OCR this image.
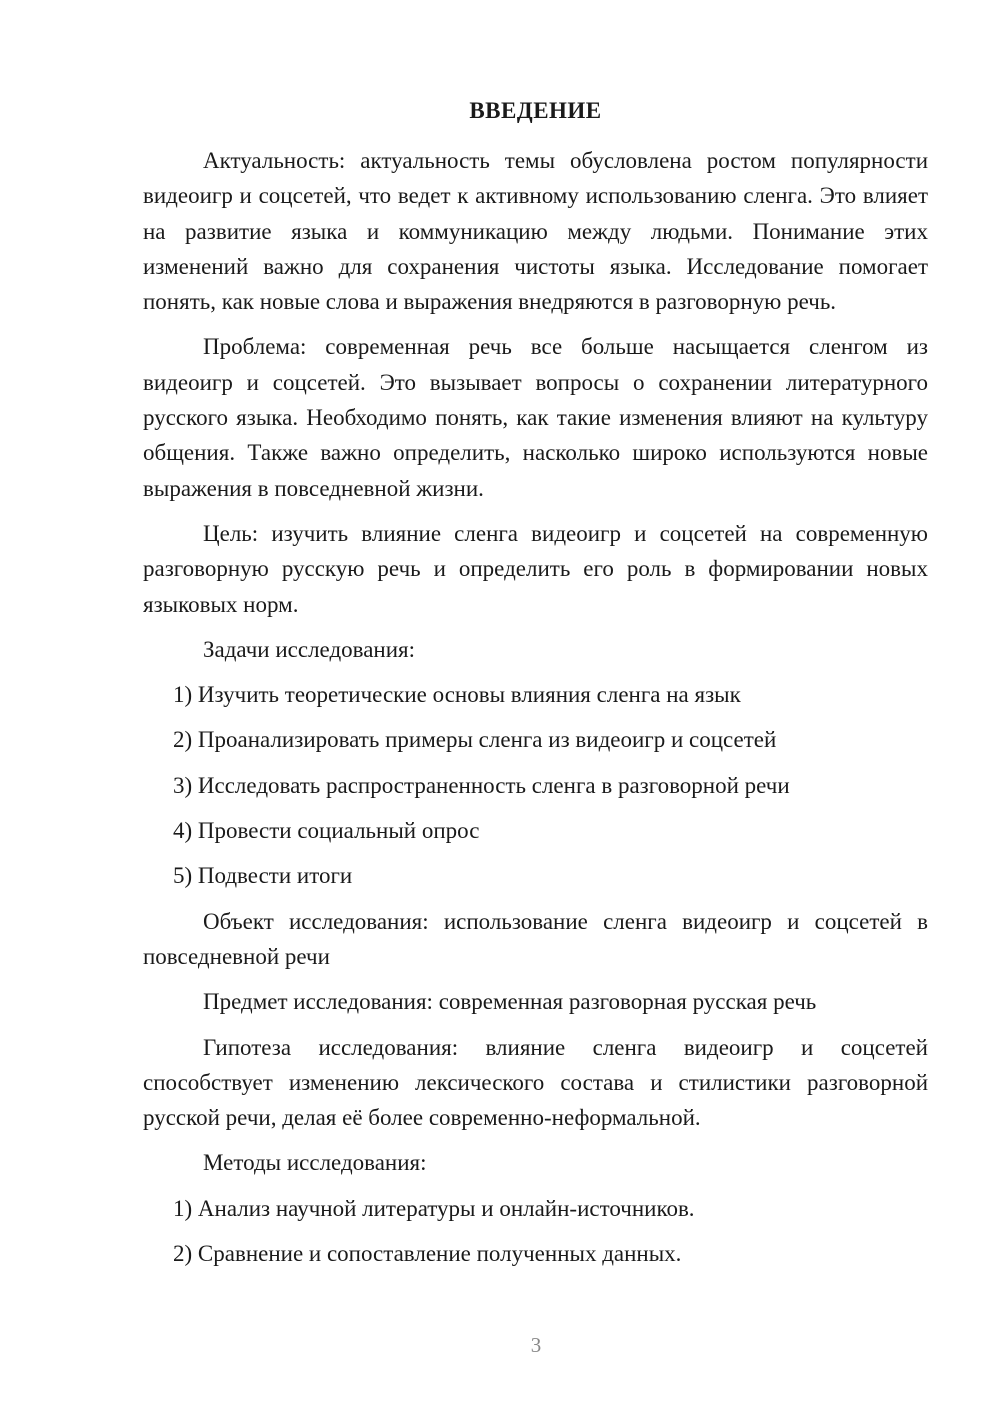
ВВЕДЕНИЕ

Актуальность: актуальность темы обусловлена ростом популярности видеоигр и соцсетей, что ведет к активному использованию сленга. Это влияет на развитие языка и коммуникацию между людьми. Понимание этих изменений важно для сохранения чистоты языка. Исследование помогает понять, как новые слова и выражения внедряются в разговорную речь.

Проблема: современная речь все больше насыщается сленгом из видеоигр и соцсетей. Это вызывает вопросы о сохранении литературного русского языка. Необходимо понять, как такие изменения влияют на культуру общения. Также важно определить, насколько широко используются новые выражения в повседневной жизни.

Цель: изучить влияние сленга видеоигр и соцсетей на современную разговорную русскую речь и определить его роль в формировании новых языковых норм.

Задачи исследования:

1) Изучить теоретические основы влияния сленга на язык
2) Проанализировать примеры сленга из видеоигр и соцсетей
3) Исследовать распространенность сленга в разговорной речи
4) Провести социальный опрос
5) Подвести итоги

Объект исследования: использование сленга видеоигр и соцсетей в повседневной речи

Предмет исследования: современная разговорная русская речь

Гипотеза исследования: влияние сленга видеоигр и соцсетей способствует изменению лексического состава и стилистики разговорной русской речи, делая её более современно-неформальной.

Методы исследования:

1) Анализ научной литературы и онлайн-источников.
2) Сравнение и сопоставление полученных данных.
3
